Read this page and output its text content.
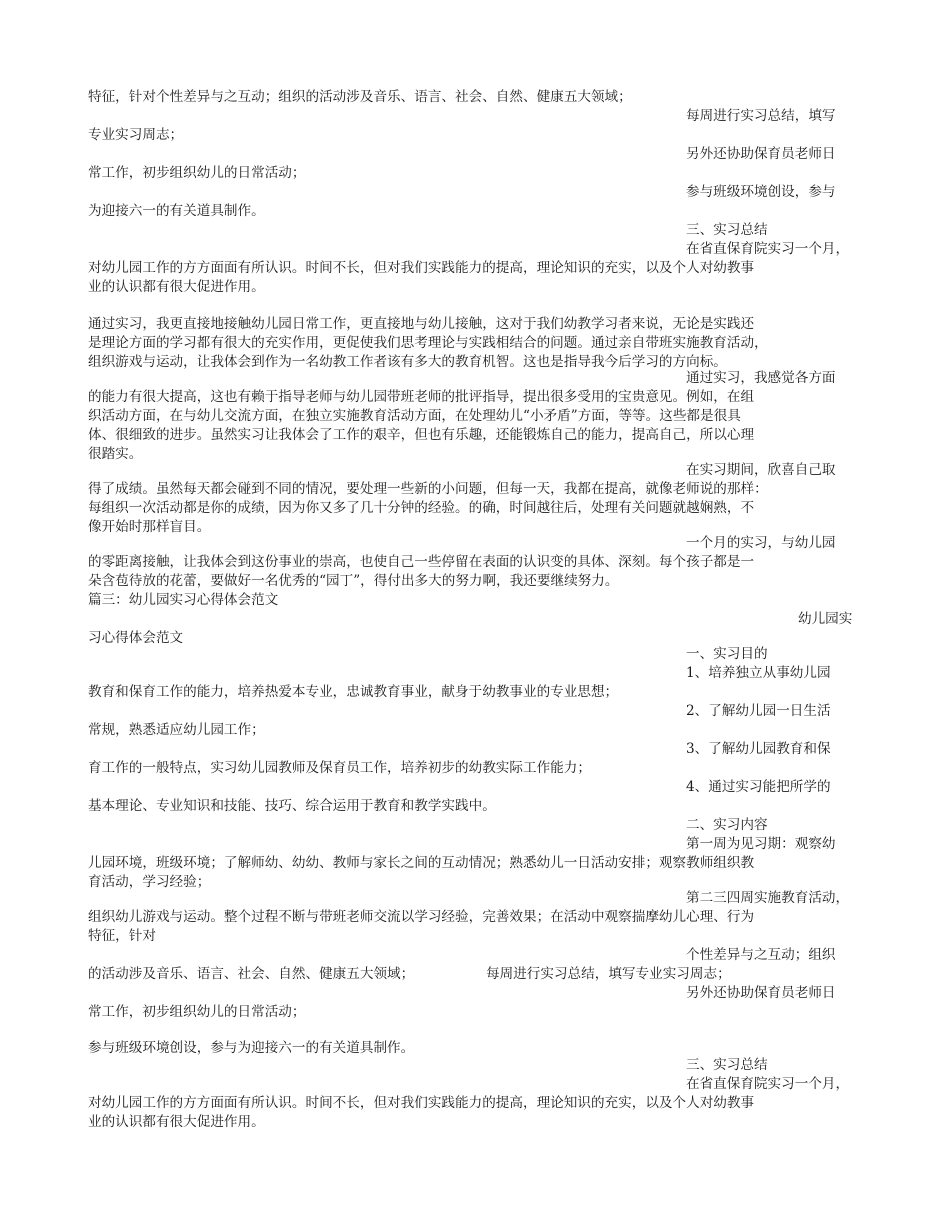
特征，针对个性差异与之互动；组织的活动涉及音乐、语言、社会、自然、健康五大领域；
每周进行实习总结，填写
专业实习周志；
另外还协助保育员老师日
常工作，初步组织幼儿的日常活动；
参与班级环境创设，参与
为迎接六一的有关道具制作。
三、实习总结
在省直保育院实习一个月，
对幼儿园工作的方方面面有所认识。时间不长，但对我们实践能力的提高，理论知识的充实，以及个人对幼教事
业的认识都有很大促进作用。
通过实习，我更直接地接触幼儿园日常工作，更直接地与幼儿接触，这对于我们幼教学习者来说，无论是实践还
是理论方面的学习都有很大的充实作用，更促使我们思考理论与实践相结合的问题。通过亲自带班实施教育活动，
组织游戏与运动，让我体会到作为一名幼教工作者该有多大的教育机智。这也是指导我今后学习的方向标。
通过实习，我感觉各方面
的能力有很大提高，这也有赖于指导老师与幼儿园带班老师的批评指导，提出很多受用的宝贵意见。例如，在组
织活动方面，在与幼儿交流方面，在独立实施教育活动方面，在处理幼儿“小矛盾”方面，等等。这些都是很具
体、很细致的进步。虽然实习让我体会了工作的艰辛，但也有乐趣，还能锻炼自己的能力，提高自己，所以心理
很踏实。
在实习期间，欣喜自己取
得了成绩。虽然每天都会碰到不同的情况，要处理一些新的小问题，但每一天，我都在提高，就像老师说的那样：
每组织一次活动都是你的成绩，因为你又多了几十分钟的经验。的确，时间越往后，处理有关问题就越娴熟，不
像开始时那样盲目。
一个月的实习，与幼儿园
的零距离接触，让我体会到这份事业的崇高，也使自己一些停留在表面的认识变的具体、深刻。每个孩子都是一
朵含苞待放的花蕾，要做好一名优秀的“园丁”，得付出多大的努力啊，我还要继续努力。
篇三：幼儿园实习心得体会范文
幼儿园实
习心得体会范文
一、实习目的
1、培养独立从事幼儿园
教育和保育工作的能力，培养热爱本专业，忠诚教育事业，献身于幼教事业的专业思想；
2、了解幼儿园一日生活
常规，熟悉适应幼儿园工作；
3、了解幼儿园教育和保
育工作的一般特点，实习幼儿园教师及保育员工作，培养初步的幼教实际工作能力；
4、通过实习能把所学的
基本理论、专业知识和技能、技巧、综合运用于教育和教学实践中。
二、实习内容
第一周为见习期：观察幼
儿园环境，班级环境；了解师幼、幼幼、教师与家长之间的互动情况；熟悉幼儿一日活动安排；观察教师组织教
育活动，学习经验；
第二三四周实施教育活动，
组织幼儿游戏与运动。整个过程不断与带班老师交流以学习经验，完善效果；在活动中观察揣摩幼儿心理、行为
特征，针对
个性差异与之互动；组织
的活动涉及音乐、语言、社会、自然、健康五大领域；	每周进行实习总结，填写专业实习周志；
另外还协助保育员老师日
常工作，初步组织幼儿的日常活动；
参与班级环境创设，参与为迎接六一的有关道具制作。
三、实习总结
在省直保育院实习一个月，
对幼儿园工作的方方面面有所认识。时间不长，但对我们实践能力的提高，理论知识的充实，以及个人对幼教事
业的认识都有很大促进作用。
